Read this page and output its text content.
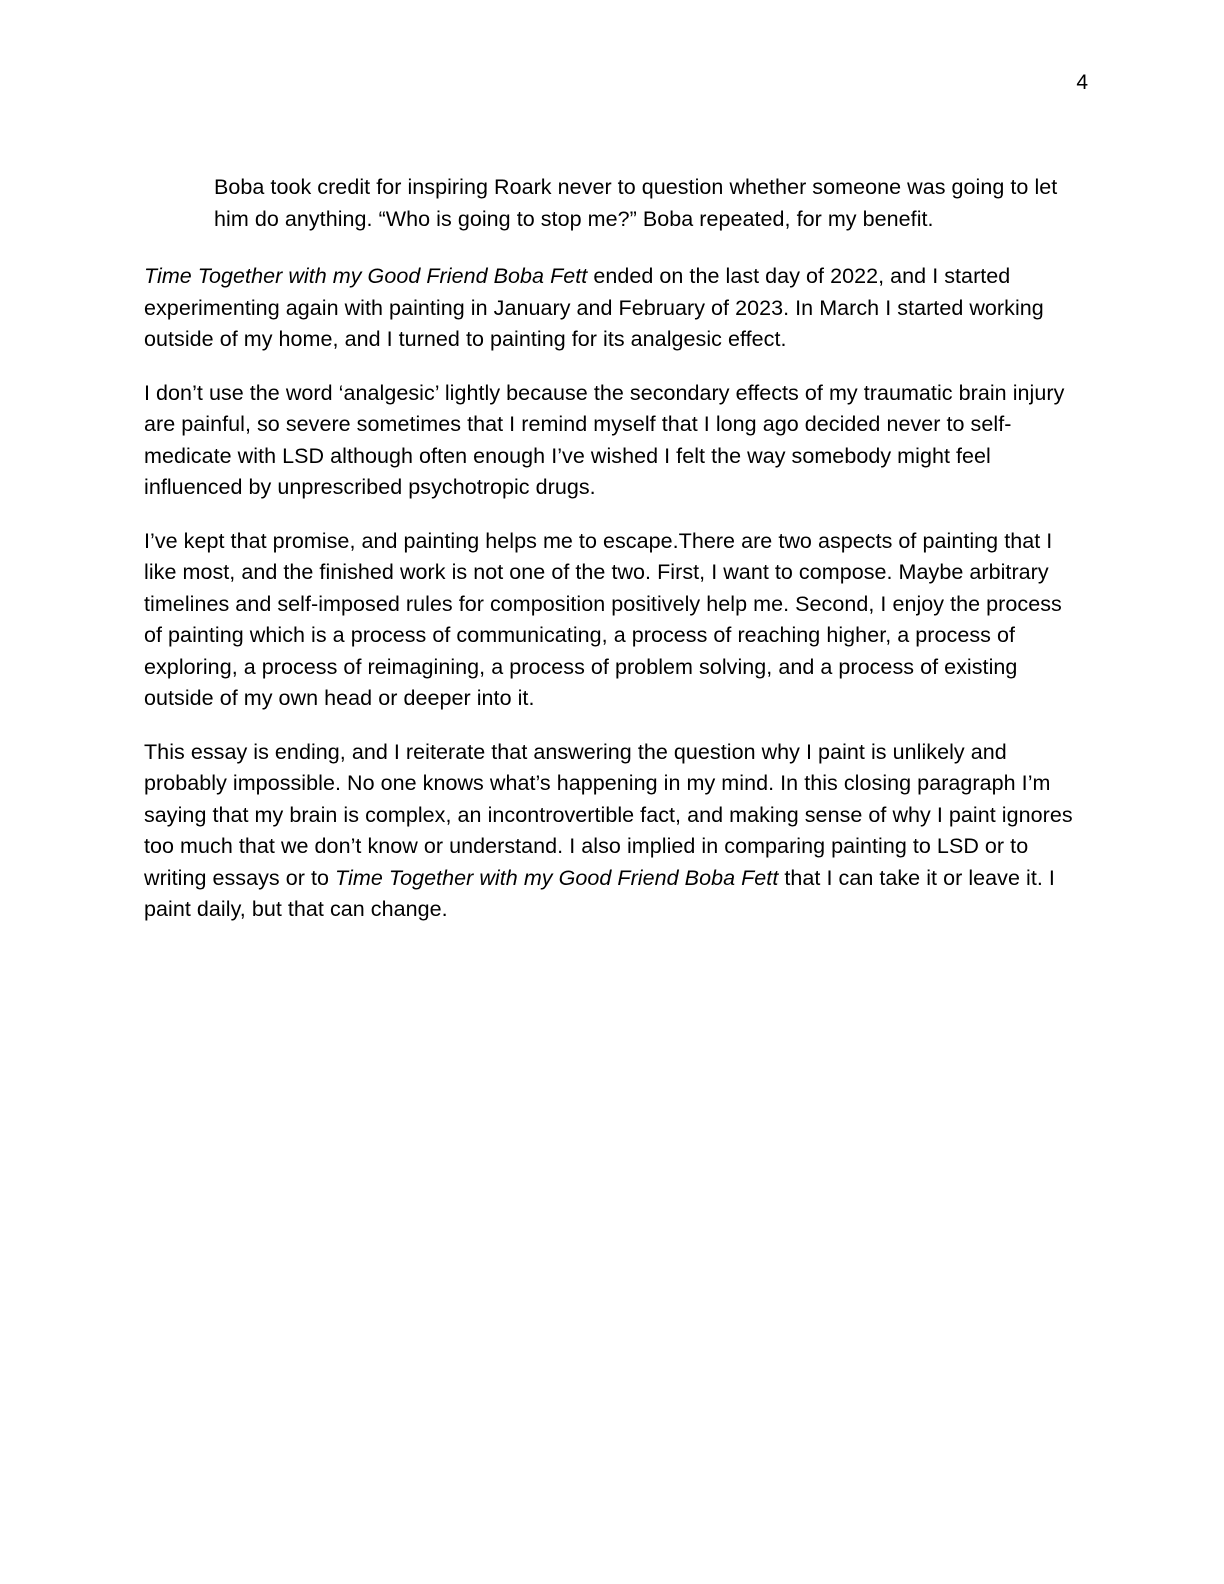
4

Boba took credit for inspiring Roark never to question whether someone was going to let him do anything. “Who is going to stop me?” Boba repeated, for my benefit.

Time Together with my Good Friend Boba Fett ended on the last day of 2022, and I started experimenting again with painting in January and February of 2023. In March I started working outside of my home, and I turned to painting for its analgesic effect.

I don’t use the word ‘analgesic’ lightly because the secondary effects of my traumatic brain injury are painful, so severe sometimes that I remind myself that I long ago decided never to self-medicate with LSD although often enough I’ve wished I felt the way somebody might feel influenced by unprescribed psychotropic drugs.

I’ve kept that promise, and painting helps me to escape.There are two aspects of painting that I like most, and the finished work is not one of the two. First, I want to compose. Maybe arbitrary timelines and self-imposed rules for composition positively help me. Second, I enjoy the process of painting which is a process of communicating, a process of reaching higher, a process of exploring, a process of reimagining, a process of problem solving, and a process of existing outside of my own head or deeper into it.

This essay is ending, and I reiterate that answering the question why I paint is unlikely and probably impossible. No one knows what’s happening in my mind. In this closing paragraph I’m saying that my brain is complex, an incontrovertible fact, and making sense of why I paint ignores too much that we don’t know or understand. I also implied in comparing painting to LSD or to writing essays or to Time Together with my Good Friend Boba Fett that I can take it or leave it. I paint daily, but that can change.
